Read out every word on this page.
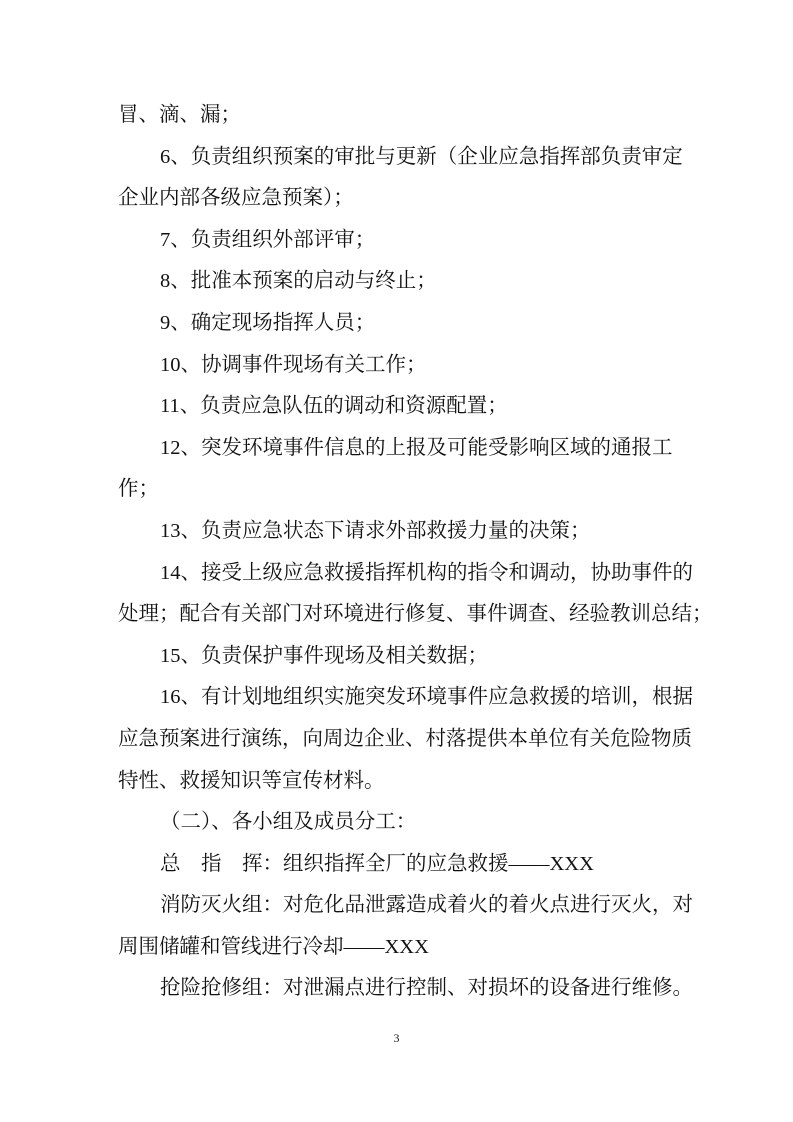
冒、滴、漏；
6、负责组织预案的审批与更新（企业应急指挥部负责审定
企业内部各级应急预案）；
7、负责组织外部评审；
8、批准本预案的启动与终止；
9、确定现场指挥人员；
10、协调事件现场有关工作；
11、负责应急队伍的调动和资源配置；
12、突发环境事件信息的上报及可能受影响区域的通报工
作；
13、负责应急状态下请求外部救援力量的决策；
14、接受上级应急救援指挥机构的指令和调动，协助事件的
处理；配合有关部门对环境进行修复、事件调查、经验教训总结；
15、负责保护事件现场及相关数据；
16、有计划地组织实施突发环境事件应急救援的培训，根据
应急预案进行演练，向周边企业、村落提供本单位有关危险物质
特性、救援知识等宣传材料。
（二）、各小组及成员分工：
总　指　挥：组织指挥全厂的应急救援——XXX
消防灭火组：对危化品泄露造成着火的着火点进行灭火，对
周围储罐和管线进行冷却——XXX
抢险抢修组：对泄漏点进行控制、对损坏的设备进行维修。
3
